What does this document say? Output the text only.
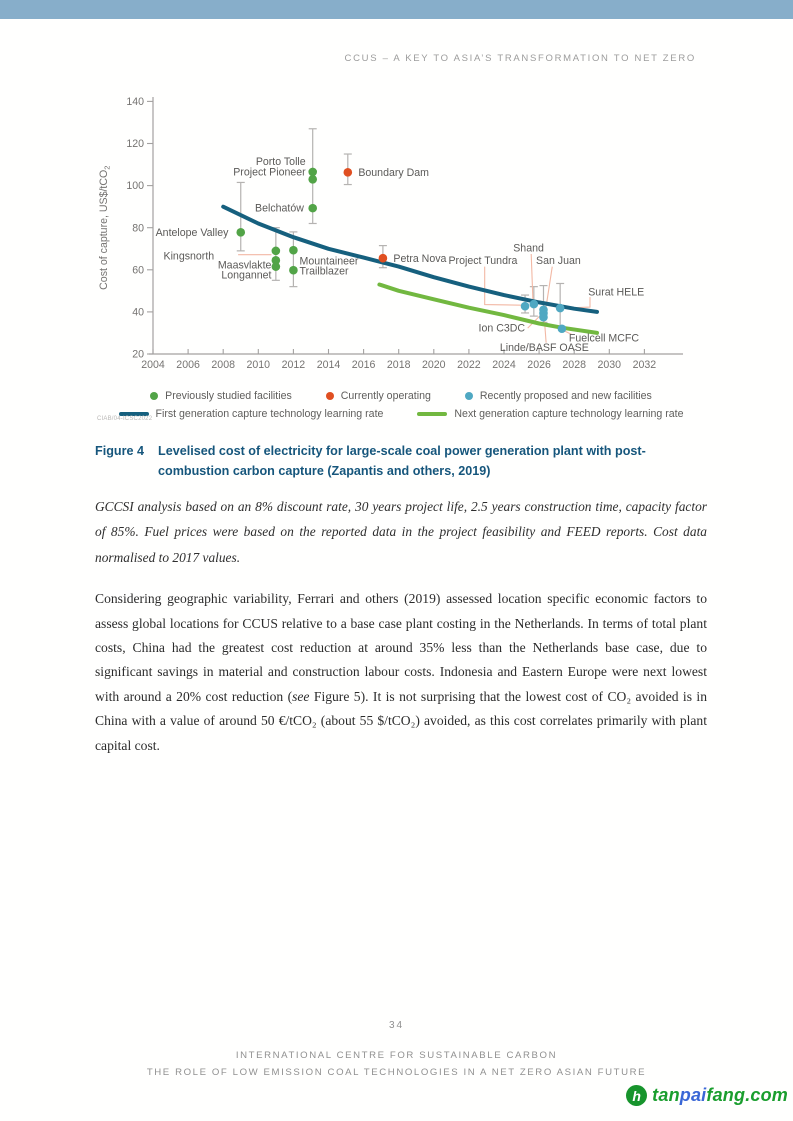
CCUS – A KEY TO ASIA’S TRANSFORMATION TO NET ZERO
20
40
60
80
100
120
140
2004 2006 2008 2010 2012 2014 2016 2018 2020 2022 2024 2026 2028 2030 2032
Cost of capture, US$/tCO$_2$	Porto Tolle
Project Pioneer	Boundary Dam
Belchatów
Antelope Valley
Kingsnorth
Maasvlakte
Longannet
Mountaineer
Trailblazer
Petra Nova Project Tundra
Shand
San Juan
Surat HELE
Ion C3DC
Fuelcell MCFC
Linde/BASF OASE
Previously studied facilities	Currently operating	Recently proposed and new facilities
First generation capture technology learning rate	Next generation capture technology learning rate
CIAB/04-ICSC2022
Figure 4	Levelised cost of electricity for large-scale coal power generation plant with post-combustion carbon capture (Zapantis and others, 2019)

GCCSI analysis based on an 8% discount rate, 30 years project life, 2.5 years construction time, capacity factor of 85%. Fuel prices were based on the reported data in the project feasibility and FEED reports. Cost data normalised to 2017 values.

Considering geographic variability, Ferrari and others (2019) assessed location specific economic factors to assess global locations for CCUS relative to a base case plant costing in the Netherlands. In terms of total plant costs, China had the greatest cost reduction at around 35% less than the Netherlands base case, due to significant savings in material and construction labour costs. Indonesia and Eastern Europe were next lowest with around a 20% cost reduction (see Figure 5). It is not surprising that the lowest cost of CO₂ avoided is in China with a value of around 50 €/tCO₂ (about 55 $/tCO₂) avoided, as this cost correlates primarily with plant capital cost.

34
INTERNATIONAL CENTRE FOR SUSTAINABLE CARBON
THE ROLE OF LOW EMISSION COAL TECHNOLOGIES IN A NET ZERO ASIAN FUTURE
h tanpaifang.com
